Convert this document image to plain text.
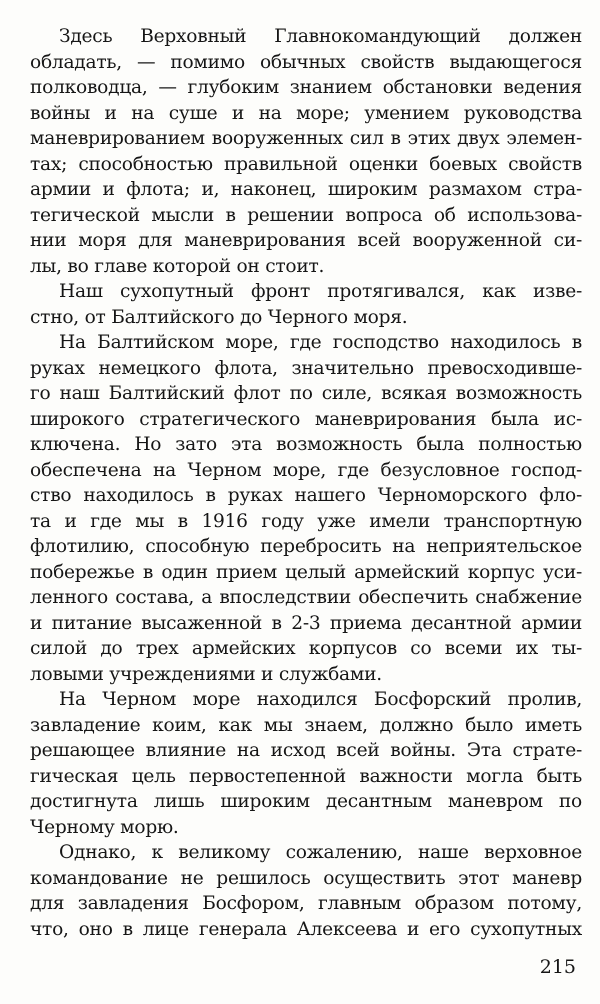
Здесь Верховный Главнокомандующий должен
обладать, — помимо обычных свойств выдающегося
полководца, — глубоким знанием обстановки ведения
войны и на суше и на море; умением руководства
маневрированием вооруженных сил в этих двух элемен-
тах; способностью правильной оценки боевых свойств
армии и флота; и, наконец, широким размахом стра-
тегической мысли в решении вопроса об использова-
нии моря для маневрирования всей вооруженной си-
лы, во главе которой он стоит.
Наш сухопутный фронт протягивался, как изве-
стно, от Балтийского до Черного моря.
На Балтийском море, где господство находилось в
руках немецкого флота, значительно превосходивше-
го наш Балтийский флот по силе, всякая возможность
широкого стратегического маневрирования была ис-
ключена. Но зато эта возможность была полностью
обеспечена на Черном море, где безусловное господ-
ство находилось в руках нашего Черноморского фло-
та и где мы в 1916 году уже имели транспортную
флотилию, способную перебросить на неприятельское
побережье в один прием целый армейский корпус уси-
ленного состава, а впоследствии обеспечить снабжение
и питание высаженной в 2-3 приема десантной армии
силой до трех армейских корпусов со всеми их ты-
ловыми учреждениями и службами.
На Черном море находился Босфорский пролив,
завладение коим, как мы знаем, должно было иметь
решающее влияние на исход всей войны. Эта страте-
гическая цель первостепенной важности могла быть
достигнута лишь широким десантным маневром по
Черному морю.
Однако, к великому сожалению, наше верховное
командование не решилось осуществить этот маневр
для завладения Босфором, главным образом потому,
что, оно в лице генерала Алексеева и его сухопутных
215
